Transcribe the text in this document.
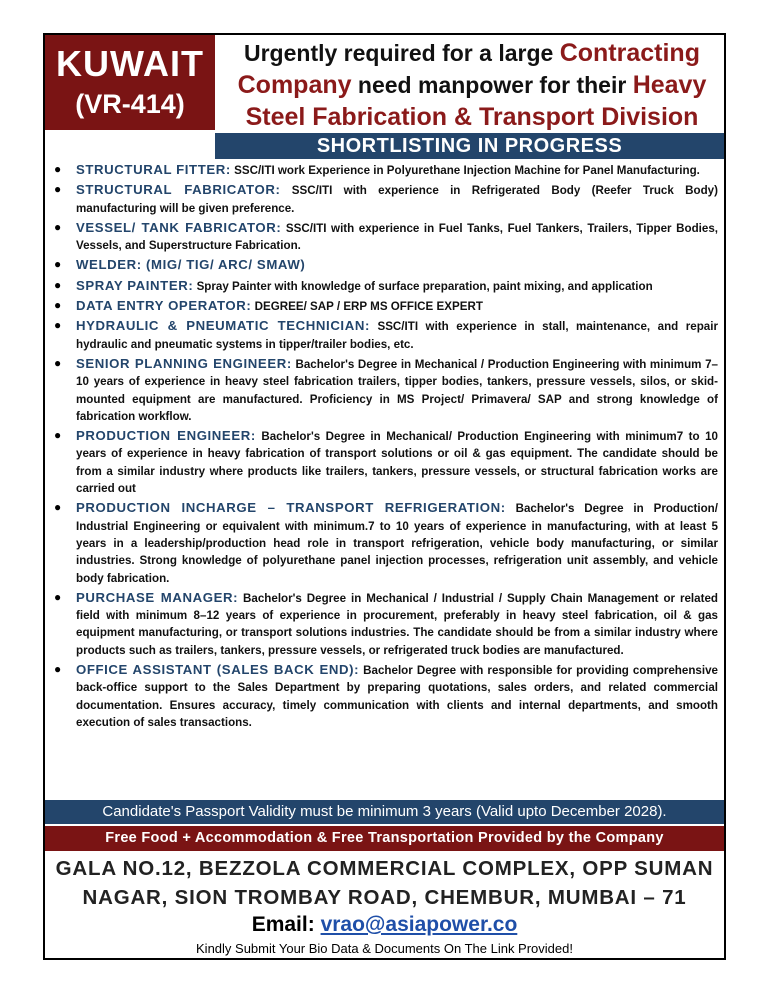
KUWAIT
(VR-414)
Urgently required for a large Contracting Company need manpower for their Heavy Steel Fabrication & Transport Division
SHORTLISTING IN PROGRESS
● STRUCTURAL FITTER: SSC/ITI work Experience in Polyurethane Injection Machine for Panel Manufacturing.
● STRUCTURAL FABRICATOR: SSC/ITI with experience in Refrigerated Body (Reefer Truck Body) manufacturing will be given preference.
● VESSEL/ TANK FABRICATOR: SSC/ITI with experience in Fuel Tanks, Fuel Tankers, Trailers, Tipper Bodies, Vessels, and Superstructure Fabrication.
● WELDER: (MIG/ TIG/ ARC/ SMAW)
● SPRAY PAINTER: Spray Painter with knowledge of surface preparation, paint mixing, and application
● DATA ENTRY OPERATOR: DEGREE/ SAP / ERP MS OFFICE EXPERT
● HYDRAULIC & PNEUMATIC TECHNICIAN: SSC/ITI with experience in stall, maintenance, and repair hydraulic and pneumatic systems in tipper/trailer bodies, etc.
● SENIOR PLANNING ENGINEER: Bachelor's Degree in Mechanical / Production Engineering with minimum 7–10 years of experience in heavy steel fabrication trailers, tipper bodies, tankers, pressure vessels, silos, or skid-mounted equipment are manufactured. Proficiency in MS Project/ Primavera/ SAP and strong knowledge of fabrication workflow.
● PRODUCTION ENGINEER: Bachelor's Degree in Mechanical/ Production Engineering with minimum7 to 10 years of experience in heavy fabrication of transport solutions or oil & gas equipment. The candidate should be from a similar industry where products like trailers, tankers, pressure vessels, or structural fabrication works are carried out
● PRODUCTION INCHARGE – TRANSPORT REFRIGERATION: Bachelor's Degree in Production/ Industrial Engineering or equivalent with minimum.7 to 10 years of experience in manufacturing, with at least 5 years in a leadership/production head role in transport refrigeration, vehicle body manufacturing, or similar industries. Strong knowledge of polyurethane panel injection processes, refrigeration unit assembly, and vehicle body fabrication.
● PURCHASE MANAGER: Bachelor's Degree in Mechanical / Industrial / Supply Chain Management or related field with minimum 8–12 years of experience in procurement, preferably in heavy steel fabrication, oil & gas equipment manufacturing, or transport solutions industries. The candidate should be from a similar industry where products such as trailers, tankers, pressure vessels, or refrigerated truck bodies are manufactured.
● OFFICE ASSISTANT (SALES BACK END): Bachelor Degree with responsible for providing comprehensive back-office support to the Sales Department by preparing quotations, sales orders, and related commercial documentation. Ensures accuracy, timely communication with clients and internal departments, and smooth execution of sales transactions.
Candidate's Passport Validity must be minimum 3 years (Valid upto December 2028).
Free Food + Accommodation & Free Transportation Provided by the Company
GALA NO.12, BEZZOLA COMMERCIAL COMPLEX, OPP SUMAN
NAGAR, SION TROMBAY ROAD, CHEMBUR, MUMBAI – 71
Email: vrao@asiapower.co
Kindly Submit Your Bio Data & Documents On The Link Provided!
